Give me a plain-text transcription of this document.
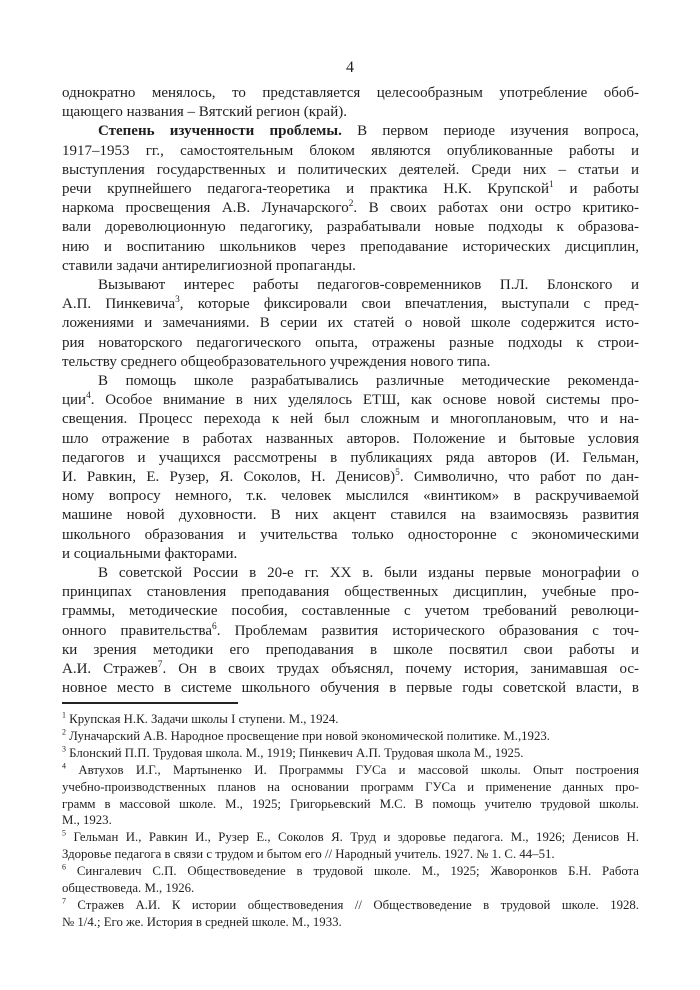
4
однократно менялось, то представляется целесообразным употребление обоб-
щающего названия – Вятский регион (край).
Степень изученности проблемы. В первом периоде изучения вопроса,
1917–1953 гг., самостоятельным блоком являются опубликованные работы и
выступления государственных и политических деятелей. Среди них – статьи и
речи крупнейшего педагога-теоретика и практика Н.К. Крупской$^1$ и работы
наркома просвещения А.В. Луначарского$^2$. В своих работах они остро критико-
вали дореволюционную педагогику, разрабатывали новые подходы к образова-
нию и воспитанию школьников через преподавание исторических дисциплин,
ставили задачи антирелигиозной пропаганды.
Вызывают интерес работы педагогов-современников П.Л. Блонского и
А.П. Пинкевича$^3$, которые фиксировали свои впечатления, выступали с пред-
ложениями и замечаниями. В серии их статей о новой школе содержится исто-
рия новаторского педагогического опыта, отражены разные подходы к строи-
тельству среднего общеобразовательного учреждения нового типа.
В помощь школе разрабатывались различные методические рекоменда-
ции$^4$. Особое внимание в них уделялось ЕТШ, как основе новой системы про-
свещения. Процесс перехода к ней был сложным и многоплановым, что и на-
шло отражение в работах названных авторов. Положение и бытовые условия
педагогов и учащихся рассмотрены в публикациях ряда авторов (И. Гельман,
И. Равкин, Е. Рузер, Я. Соколов, Н. Денисов)$^5$. Символично, что работ по дан-
ному вопросу немного, т.к. человек мыслился «винтиком» в раскручиваемой
машине новой духовности. В них акцент ставился на взаимосвязь развития
школьного образования и учительства только односторонне с экономическими
и социальными факторами.
В советской России в 20-е гг. XX в. были изданы первые монографии о
принципах становления преподавания общественных дисциплин, учебные про-
граммы, методические пособия, составленные с учетом требований революци-
онного правительства$^6$. Проблемам развития исторического образования с точ-
ки зрения методики его преподавания в школе посвятил свои работы и
А.И. Стражев$^7$. Он в своих трудах объяснял, почему история, занимавшая ос-
новное место в системе школьного обучения в первые годы советской власти, в
$^1$ Крупская Н.К. Задачи школы I ступени. М., 1924.
$^2$ Луначарский А.В. Народное просвещение при новой экономической политике. М.,1923.
$^3$ Блонский П.П. Трудовая школа. М., 1919; Пинкевич А.П. Трудовая школа М., 1925.
$^4$ Автухов И.Г., Мартыненко И. Программы ГУСа и массовой школы. Опыт построения
учебно-производственных планов на основании программ ГУСа и применение данных про-
грамм в массовой школе. М., 1925; Григорьевский М.С. В помощь учителю трудовой школы.
М., 1923.
$^5$ Гельман И., Равкин И., Рузер Е., Соколов Я. Труд и здоровье педагога. М., 1926; Денисов Н.
Здоровье педагога в связи с трудом и бытом его // Народный учитель. 1927. № 1. С. 44–51.
$^6$ Сингалевич С.П. Обществоведение в трудовой школе. М., 1925; Жаворонков Б.Н. Работа
обществоведа. М., 1926.
$^7$ Стражев А.И. К истории обществоведения // Обществоведение в трудовой школе. 1928.
№ 1/4.; Его же. История в средней школе. М., 1933.
